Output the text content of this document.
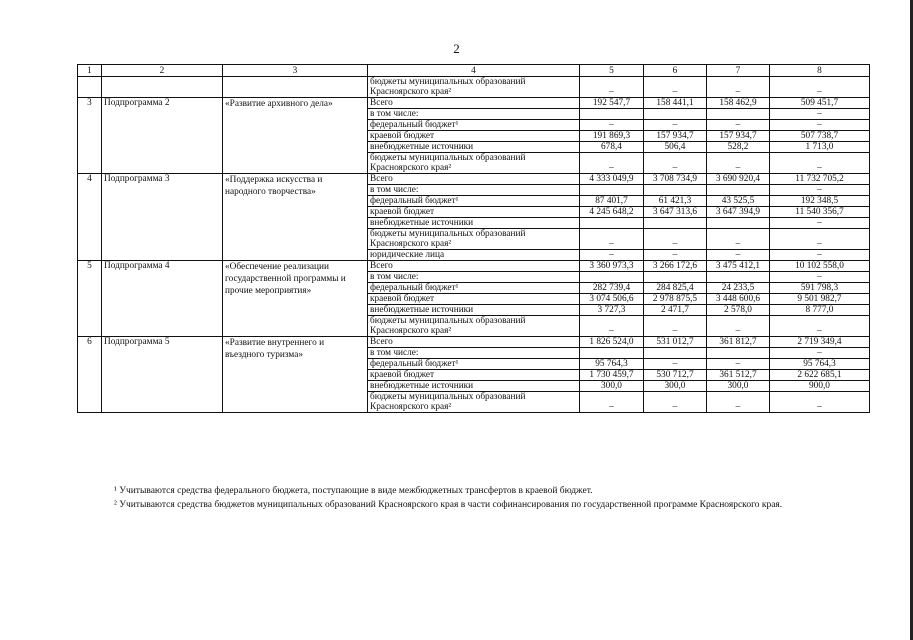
2
1	2	3	4	5	6	7	8
			бюджеты муниципальных образований Красноярского края²	–	–	–	–
3	Подпрограмма 2	«Развитие архивного дела»	Всего	192 547,7	158 441,1	158 462,9	509 451,7
			в том числе:				–
			федеральный бюджет¹	–	–	–	–
			краевой бюджет	191 869,3	157 934,7	157 934,7	507 738,7
			внебюджетные источники	678,4	506,4	528,2	1 713,0
			бюджеты муниципальных образований Красноярского края²	–	–	–	–
4	Подпрограмма 3	«Поддержка искусства и народного творчества»	Всего	4 333 049,9	3 708 734,9	3 690 920,4	11 732 705,2
			в том числе:				–
			федеральный бюджет¹	87 401,7	61 421,3	43 525,5	192 348,5
			краевой бюджет	4 245 648,2	3 647 313,6	3 647 394,9	11 540 356,7
			внебюджетные источники				–
			бюджеты муниципальных образований Красноярского края²	–	–	–	–
			юридические лица	–	–	–	–
5	Подпрограмма 4	«Обеспечение реализации государственной программы и прочие мероприятия»	Всего	3 360 973,3	3 266 172,6	3 475 412,1	10 102 558,0
			в том числе:				–
			федеральный бюджет¹	282 739,4	284 825,4	24 233,5	591 798,3
			краевой бюджет	3 074 506,6	2 978 875,5	3 448 600,6	9 501 982,7
			внебюджетные источники	3 727,3	2 471,7	2 578,0	8 777,0
			бюджеты муниципальных образований Красноярского края²	–	–	–	–
6	Подпрограмма 5	«Развитие внутреннего и въездного туризма»	Всего	1 826 524,0	531 012,7	361 812,7	2 719 349,4
			в том числе:				–
			федеральный бюджет¹	95 764,3	–	–	95 764,3
			краевой бюджет	1 730 459,7	530 712,7	361 512,7	2 622 685,1
			внебюджетные источники	300,0	300,0	300,0	900,0
			бюджеты муниципальных образований Красноярского края²	–	–	–	–

¹ Учитываются средства федерального бюджета, поступающие в виде межбюджетных трансфертов в краевой бюджет.

² Учитываются средства бюджетов муниципальных образований Красноярского края в части софинансирования по государственной программе Красноярского края.
